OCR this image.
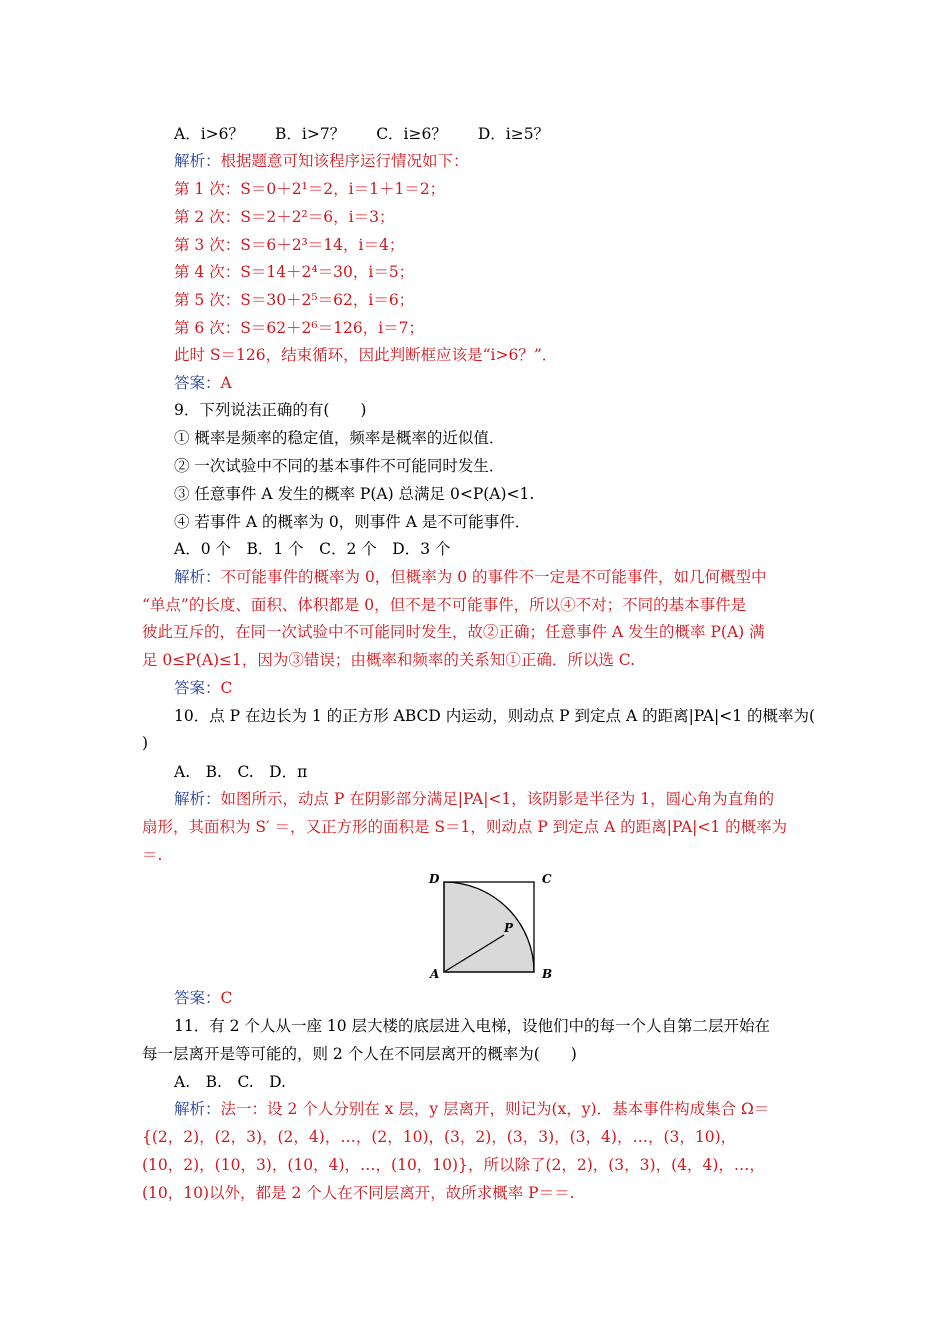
A．i>6？　　B．i>7？　　C．i≥6？　　D．i≥5？
解析：根据题意可知该程序运行情况如下：
第 1 次：S＝0＋2¹＝2，i＝1＋1＝2；
第 2 次：S＝2＋2²＝6，i＝3；
第 3 次：S＝6＋2³＝14，i＝4；
第 4 次：S＝14＋2⁴＝30，i＝5；
第 5 次：S＝30＋2⁵＝62，i＝6；
第 6 次：S＝62＋2⁶＝126，i＝7；
此时 S＝126，结束循环，因此判断框应该是“i>6？”．
答案：A
9．下列说法正确的有(　　)
① 概率是频率的稳定值，频率是概率的近似值．
② 一次试验中不同的基本事件不可能同时发生．
③ 任意事件 A 发生的概率 P(A) 总满足 0<P(A)<1.
④ 若事件 A 的概率为 0，则事件 A 是不可能事件．
A．0 个　B．1 个　C．2 个　D．3 个
解析：不可能事件的概率为 0，但概率为 0 的事件不一定是不可能事件，如几何概型中
“单点”的长度、面积、体积都是 0，但不是不可能事件，所以④不对；不同的基本事件是
彼此互斥的，在同一次试验中不可能同时发生，故②正确；任意事件 A 发生的概率 P(A) 满
足 0≤P(A)≤1，因为③错误；由概率和频率的关系知①正确．所以选 C.
答案：C
10．点 P 在边长为 1 的正方形 ABCD 内运动，则动点 P 到定点 A 的距离|PA|<1 的概率为(
)
A.　B.　C.　D．π
解析：如图所示，动点 P 在阴影部分满足|PA|<1，该阴影是半径为 1，圆心角为直角的
扇形，其面积为 S′ ＝，又正方形的面积是 S＝1，则动点 P 到定点 A 的距离|PA|<1 的概率为
＝.
D	C
A	B
P
答案：C
11．有 2 个人从一座 10 层大楼的底层进入电梯，设他们中的每一个人自第二层开始在
每一层离开是等可能的，则 2 个人在不同层离开的概率为(　　)
A.　B.　C.　D.
解析：法一：设 2 个人分别在 x 层，y 层离开，则记为(x，y)．基本事件构成集合 Ω＝
{(2，2)，(2，3)，(2，4)，…，(2，10)，(3，2)，(3，3)，(3，4)，…，(3，10)，
(10，2)，(10，3)，(10，4)，…，(10，10)}，所以除了(2，2)，(3，3)，(4，4)，…，
(10，10)以外，都是 2 个人在不同层离开，故所求概率 P＝＝.
